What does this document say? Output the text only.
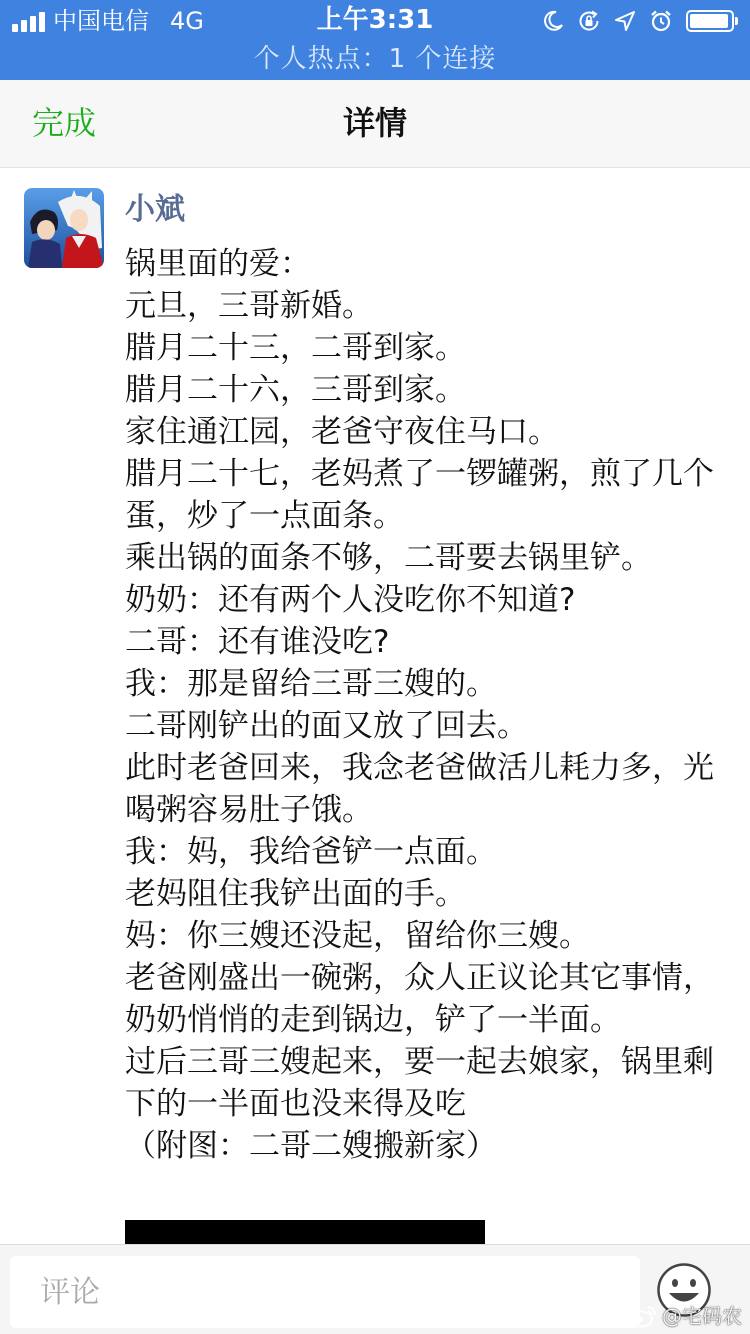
中国电信 4G	上午3:31
个人热点：1 个连接
完成	详情
小斌

锅里面的爱：
元旦，三哥新婚。
腊月二十三，二哥到家。
腊月二十六，三哥到家。
家住通江园，老爸守夜住马口。
腊月二十七，老妈煮了一锣罐粥，煎了几个蛋，炒了一点面条。
乘出锅的面条不够，二哥要去锅里铲。
奶奶：还有两个人没吃你不知道?
二哥：还有谁没吃?
我：那是留给三哥三嫂的。
二哥刚铲出的面又放了回去。
此时老爸回来，我念老爸做活儿耗力多，光喝粥容易肚子饿。
我：妈，我给爸铲一点面。
老妈阻住我铲出面的手。
妈：你三嫂还没起，留给你三嫂。
老爸刚盛出一碗粥，众人正议论其它事情，奶奶悄悄的走到锅边，铲了一半面。
过后三哥三嫂起来，要一起去娘家，锅里剩下的一半面也没来得及吃
（附图：二哥二嫂搬新家）

评论
@宅码农
